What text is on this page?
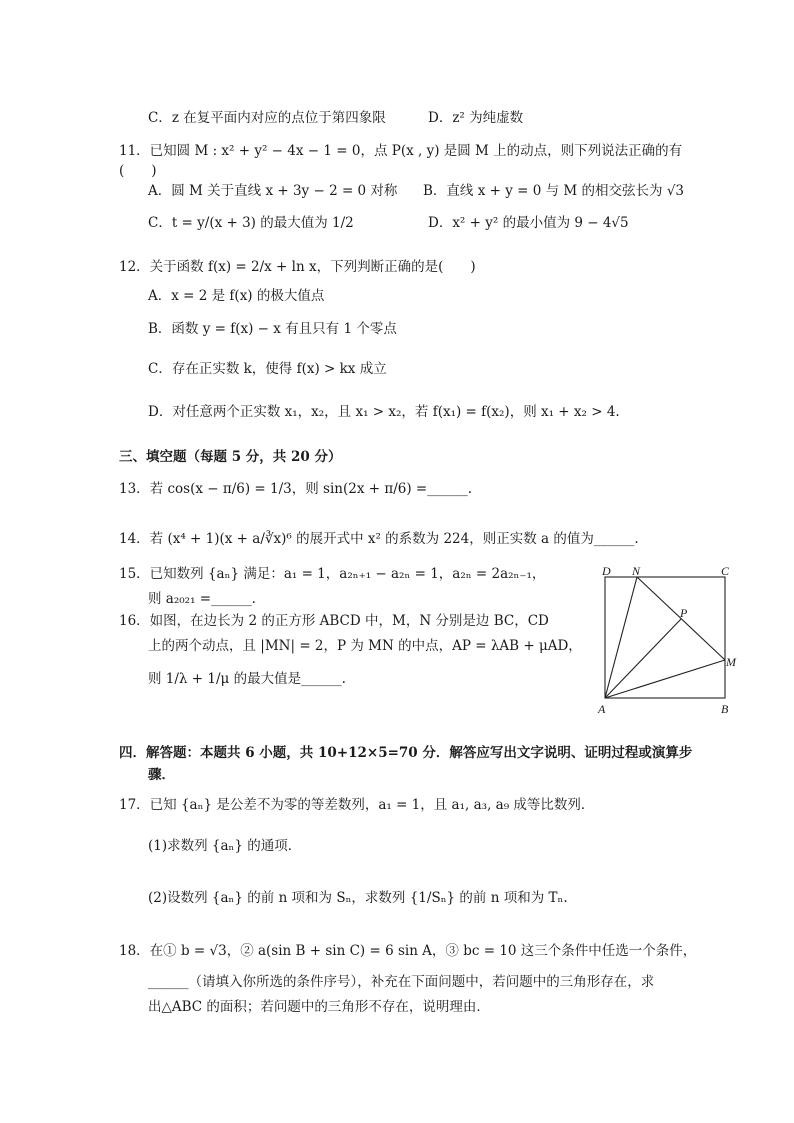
C．z 在复平面内对应的点位于第四象限	D．z² 为纯虚数
11．已知圆 M : x² + y² − 4x − 1 = 0，点 P(x , y) 是圆 M 上的动点，则下列说法正确的有
(　　)
A．圆 M 关于直线 x + 3y − 2 = 0 对称 B．直线 x + y = 0 与 M 的相交弦长为 √3
C．t = y/(x + 3) 的最大值为 1/2	D．x² + y² 的最小值为 9 − 4√5
12．关于函数 f(x) = 2/x + ln x，下列判断正确的是(　　)
A．x = 2 是 f(x) 的极大值点
B．函数 y = f(x) − x 有且只有 1 个零点
C．存在正实数 k，使得 f(x) > kx 成立
D．对任意两个正实数 x₁，x₂，且 x₁ > x₂，若 f(x₁) = f(x₂)，则 x₁ + x₂ > 4.
三、填空题（每题 5 分，共 20 分）
13．若 cos(x − π/6) = 1/3，则 sin(2x + π/6) =______.
14．若 (x⁴ + 1)(x + a/∛x)⁶ 的展开式中 x² 的系数为 224，则正实数 a 的值为______.
15．已知数列 {aₙ} 满足：a₁ = 1，a₂ₙ₊₁ − a₂ₙ = 1，a₂ₙ = 2a₂ₙ₋₁，
则 a₂₀₂₁ =______.
16．如图，在边长为 2 的正方形 ABCD 中，M，N 分别是边 BC，CD
上的两个动点，且 |MN| = 2，P 为 MN 的中点，AP = λAB + μAD，
则 1/λ + 1/μ 的最大值是______.
D N	C
P
M
A	B
四．解答题：本题共 6 小题，共 10+12×5=70 分．解答应写出文字说明、证明过程或演算步
骤．
17．已知 {aₙ} 是公差不为零的等差数列，a₁ = 1，且 a₁, a₃, a₉ 成等比数列．
(1)求数列 {aₙ} 的通项．
(2)设数列 {aₙ} 的前 n 项和为 Sₙ，求数列 {1/Sₙ} 的前 n 项和为 Tₙ.
18．在① b = √3，② a(sin B + sin C) = 6 sin A，③ bc = 10 这三个条件中任选一个条件，
______（请填入你所选的条件序号），补充在下面问题中，若问题中的三角形存在，求
出△ABC 的面积；若问题中的三角形不存在，说明理由．
